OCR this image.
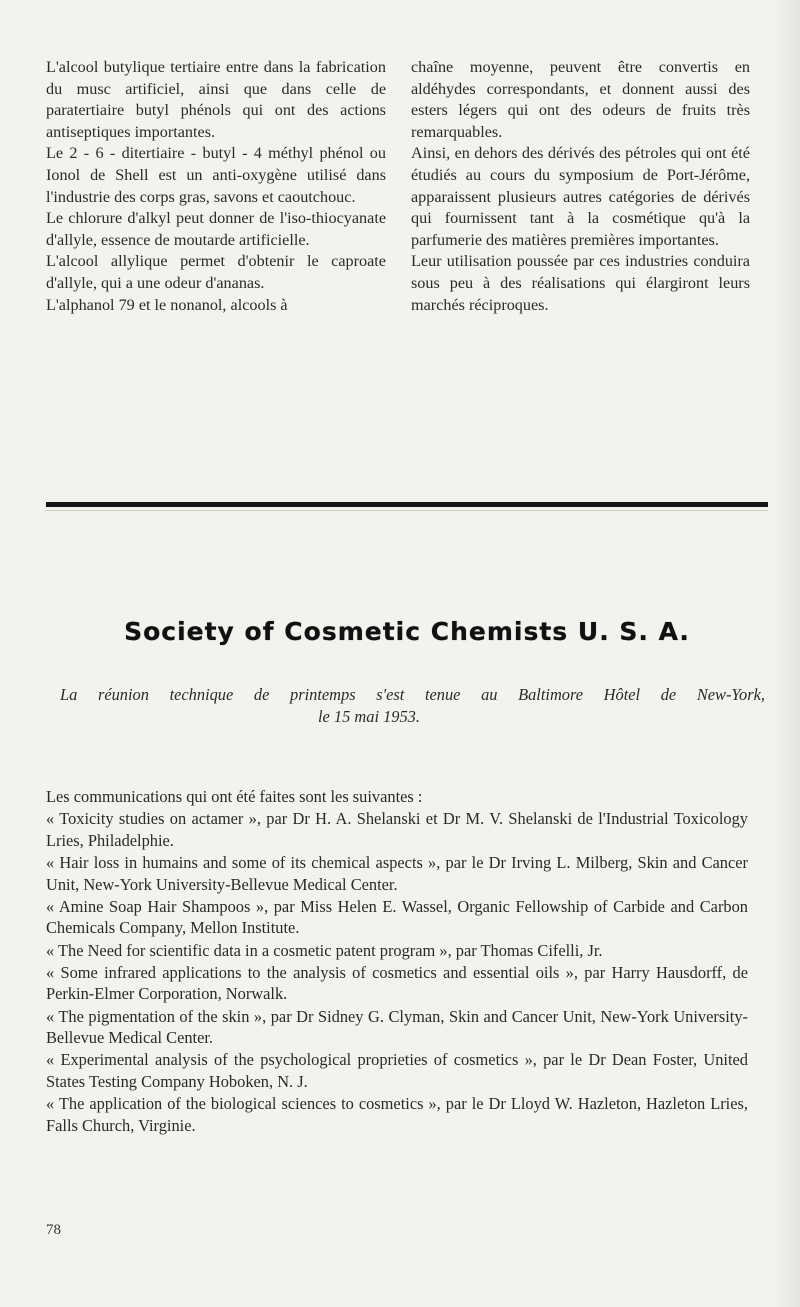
L'alcool butylique tertiaire entre dans la fabrication du musc artificiel, ainsi que dans celle de paratertiaire butyl phénols qui ont des actions antiseptiques importantes.

Le 2 - 6 - ditertiaire - butyl - 4 méthyl phénol ou Ionol de Shell est un anti-oxygène utilisé dans l'industrie des corps gras, savons et caoutchouc.

Le chlorure d'alkyl peut donner de l'iso-thiocyanate d'allyle, essence de moutarde artificielle.

L'alcool allylique permet d'obtenir le caproate d'allyle, qui a une odeur d'ananas.

L'alphanol 79 et le nonanol, alcools à

chaîne moyenne, peuvent être convertis en aldéhydes correspondants, et donnent aussi des esters légers qui ont des odeurs de fruits très remarquables.

Ainsi, en dehors des dérivés des pétroles qui ont été étudiés au cours du symposium de Port-Jérôme, apparaissent plusieurs autres catégories de dérivés qui fournissent tant à la cosmétique qu'à la parfumerie des matières premières importantes.

Leur utilisation poussée par ces industries conduira sous peu à des réalisations qui élargiront leurs marchés réciproques.

Society of Cosmetic Chemists U. S. A.
La réunion technique de printemps s'est tenue au Baltimore Hôtel de New-York,
le 15 mai 1953.

Les communications qui ont été faites sont les suivantes :

« Toxicity studies on actamer », par Dr H. A. Shelanski et Dr M. V. Shelanski de l'Industrial Toxicology Lries, Philadelphie.

« Hair loss in humains and some of its chemical aspects », par le Dr Irving L. Milberg, Skin and Cancer Unit, New-York University-Bellevue Medical Center.

« Amine Soap Hair Shampoos », par Miss Helen E. Wassel, Organic Fellowship of Carbide and Carbon Chemicals Company, Mellon Institute.

« The Need for scientific data in a cosmetic patent program », par Thomas Cifelli, Jr.

« Some infrared applications to the analysis of cosmetics and essential oils », par Harry Hausdorff, de Perkin-Elmer Corporation, Norwalk.

« The pigmentation of the skin », par Dr Sidney G. Clyman, Skin and Cancer Unit, New-York University-Bellevue Medical Center.

« Experimental analysis of the psychological proprieties of cosmetics », par le Dr Dean Foster, United States Testing Company Hoboken, N. J.

« The application of the biological sciences to cosmetics », par le Dr Lloyd W. Hazleton, Hazleton Lries, Falls Church, Virginie.

78
